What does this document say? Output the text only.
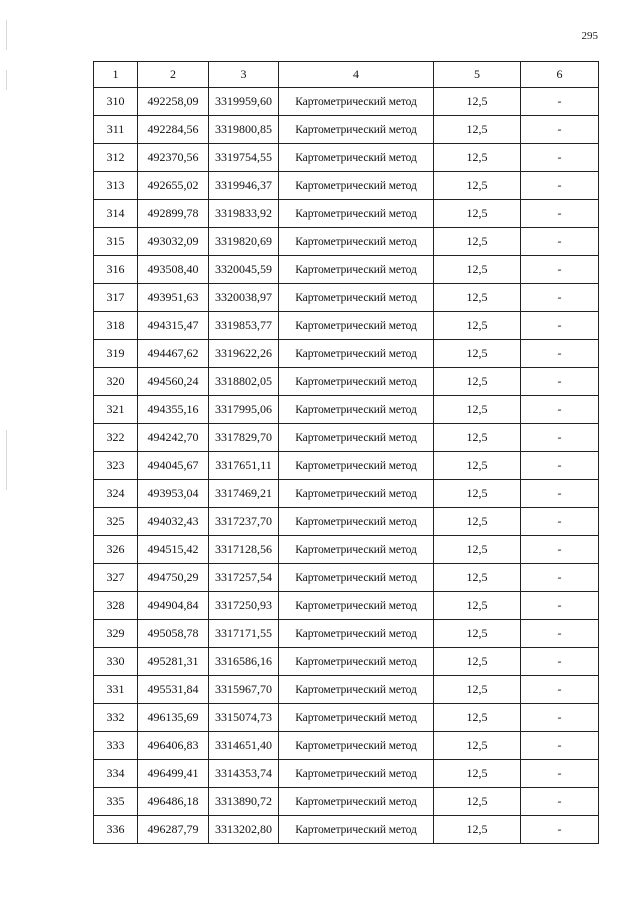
295
1	2	3	4	5	6
310	492258,09	3319959,60	Картометрический метод	12,5	-
311	492284,56	3319800,85	Картометрический метод	12,5	-
312	492370,56	3319754,55	Картометрический метод	12,5	-
313	492655,02	3319946,37	Картометрический метод	12,5	-
314	492899,78	3319833,92	Картометрический метод	12,5	-
315	493032,09	3319820,69	Картометрический метод	12,5	-
316	493508,40	3320045,59	Картометрический метод	12,5	-
317	493951,63	3320038,97	Картометрический метод	12,5	-
318	494315,47	3319853,77	Картометрический метод	12,5	-
319	494467,62	3319622,26	Картометрический метод	12,5	-
320	494560,24	3318802,05	Картометрический метод	12,5	-
321	494355,16	3317995,06	Картометрический метод	12,5	-
322	494242,70	3317829,70	Картометрический метод	12,5	-
323	494045,67	3317651,11	Картометрический метод	12,5	-
324	493953,04	3317469,21	Картометрический метод	12,5	-
325	494032,43	3317237,70	Картометрический метод	12,5	-
326	494515,42	3317128,56	Картометрический метод	12,5	-
327	494750,29	3317257,54	Картометрический метод	12,5	-
328	494904,84	3317250,93	Картометрический метод	12,5	-
329	495058,78	3317171,55	Картометрический метод	12,5	-
330	495281,31	3316586,16	Картометрический метод	12,5	-
331	495531,84	3315967,70	Картометрический метод	12,5	-
332	496135,69	3315074,73	Картометрический метод	12,5	-
333	496406,83	3314651,40	Картометрический метод	12,5	-
334	496499,41	3314353,74	Картометрический метод	12,5	-
335	496486,18	3313890,72	Картометрический метод	12,5	-
336	496287,79	3313202,80	Картометрический метод	12,5	-
